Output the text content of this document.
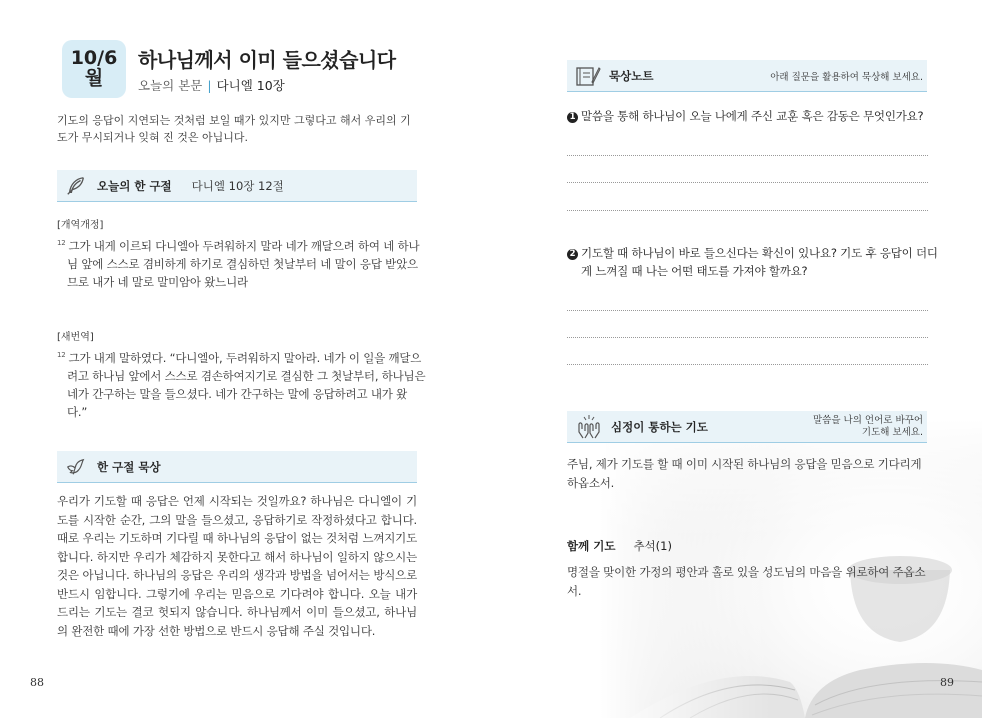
10/6
월
하나님께서 이미 들으셨습니다
오늘의 본문 | 다니엘 10장
기도의 응답이 지연되는 것처럼 보일 때가 있지만 그렇다고 해서 우리의 기도가 무시되거나 잊혀 진 것은 아닙니다.
오늘의 한 구절 다니엘 10장 12절
[개역개정]
$^{12}$ 그가 내게 이르되 다니엘아 두려워하지 말라 네가 깨달으려 하여 네 하나님 앞에 스스로 겸비하게 하기로 결심하던 첫날부터 네 말이 응답 받았으므로 내가 네 말로 말미암아 왔느니라
[새번역]
$^{12}$ 그가 내게 말하였다. “다니엘아, 두려워하지 말아라. 네가 이 일을 깨달으려고 하나님 앞에서 스스로 겸손하여지기로 결심한 그 첫날부터, 하나님은 네가 간구하는 말을 들으셨다. 네가 간구하는 말에 응답하려고 내가 왔다.”
한 구절 묵상
우리가 기도할 때 응답은 언제 시작되는 것일까요? 하나님은 다니엘이 기도를 시작한 순간, 그의 말을 들으셨고, 응답하기로 작정하셨다고 합니다. 때로 우리는 기도하며 기다릴 때 하나님의 응답이 없는 것처럼 느껴지기도 합니다. 하지만 우리가 체감하지 못한다고 해서 하나님이 일하지 않으시는 것은 아닙니다. 하나님의 응답은 우리의 생각과 방법을 넘어서는 방식으로 반드시 임합니다. 그렇기에 우리는 믿음으로 기다려야 합니다. 오늘 내가 드리는 기도는 결코 헛되지 않습니다. 하나님께서 이미 들으셨고, 하나님의 완전한 때에 가장 선한 방법으로 반드시 응답해 주실 것입니다.
88
묵상노트	아래 질문을 활용하여 묵상해 보세요.
1 말씀을 통해 하나님이 오늘 나에게 주신 교훈 혹은 감동은 무엇인가요?
2 기도할 때 하나님이 바로 들으신다는 확신이 있나요? 기도 후 응답이 더디게 느껴질 때 나는 어떤 태도를 가져야 할까요?
심정이 통하는 기도	말씀을 나의 언어로 바꾸어
기도해 보세요.
주님, 제가 기도를 할 때 이미 시작된 하나님의 응답을 믿음으로 기다리게 하옵소서.
함께 기도 추석(1)
명절을 맞이한 가정의 평안과 홀로 있을 성도님의 마음을 위로하여 주옵소서.
89
